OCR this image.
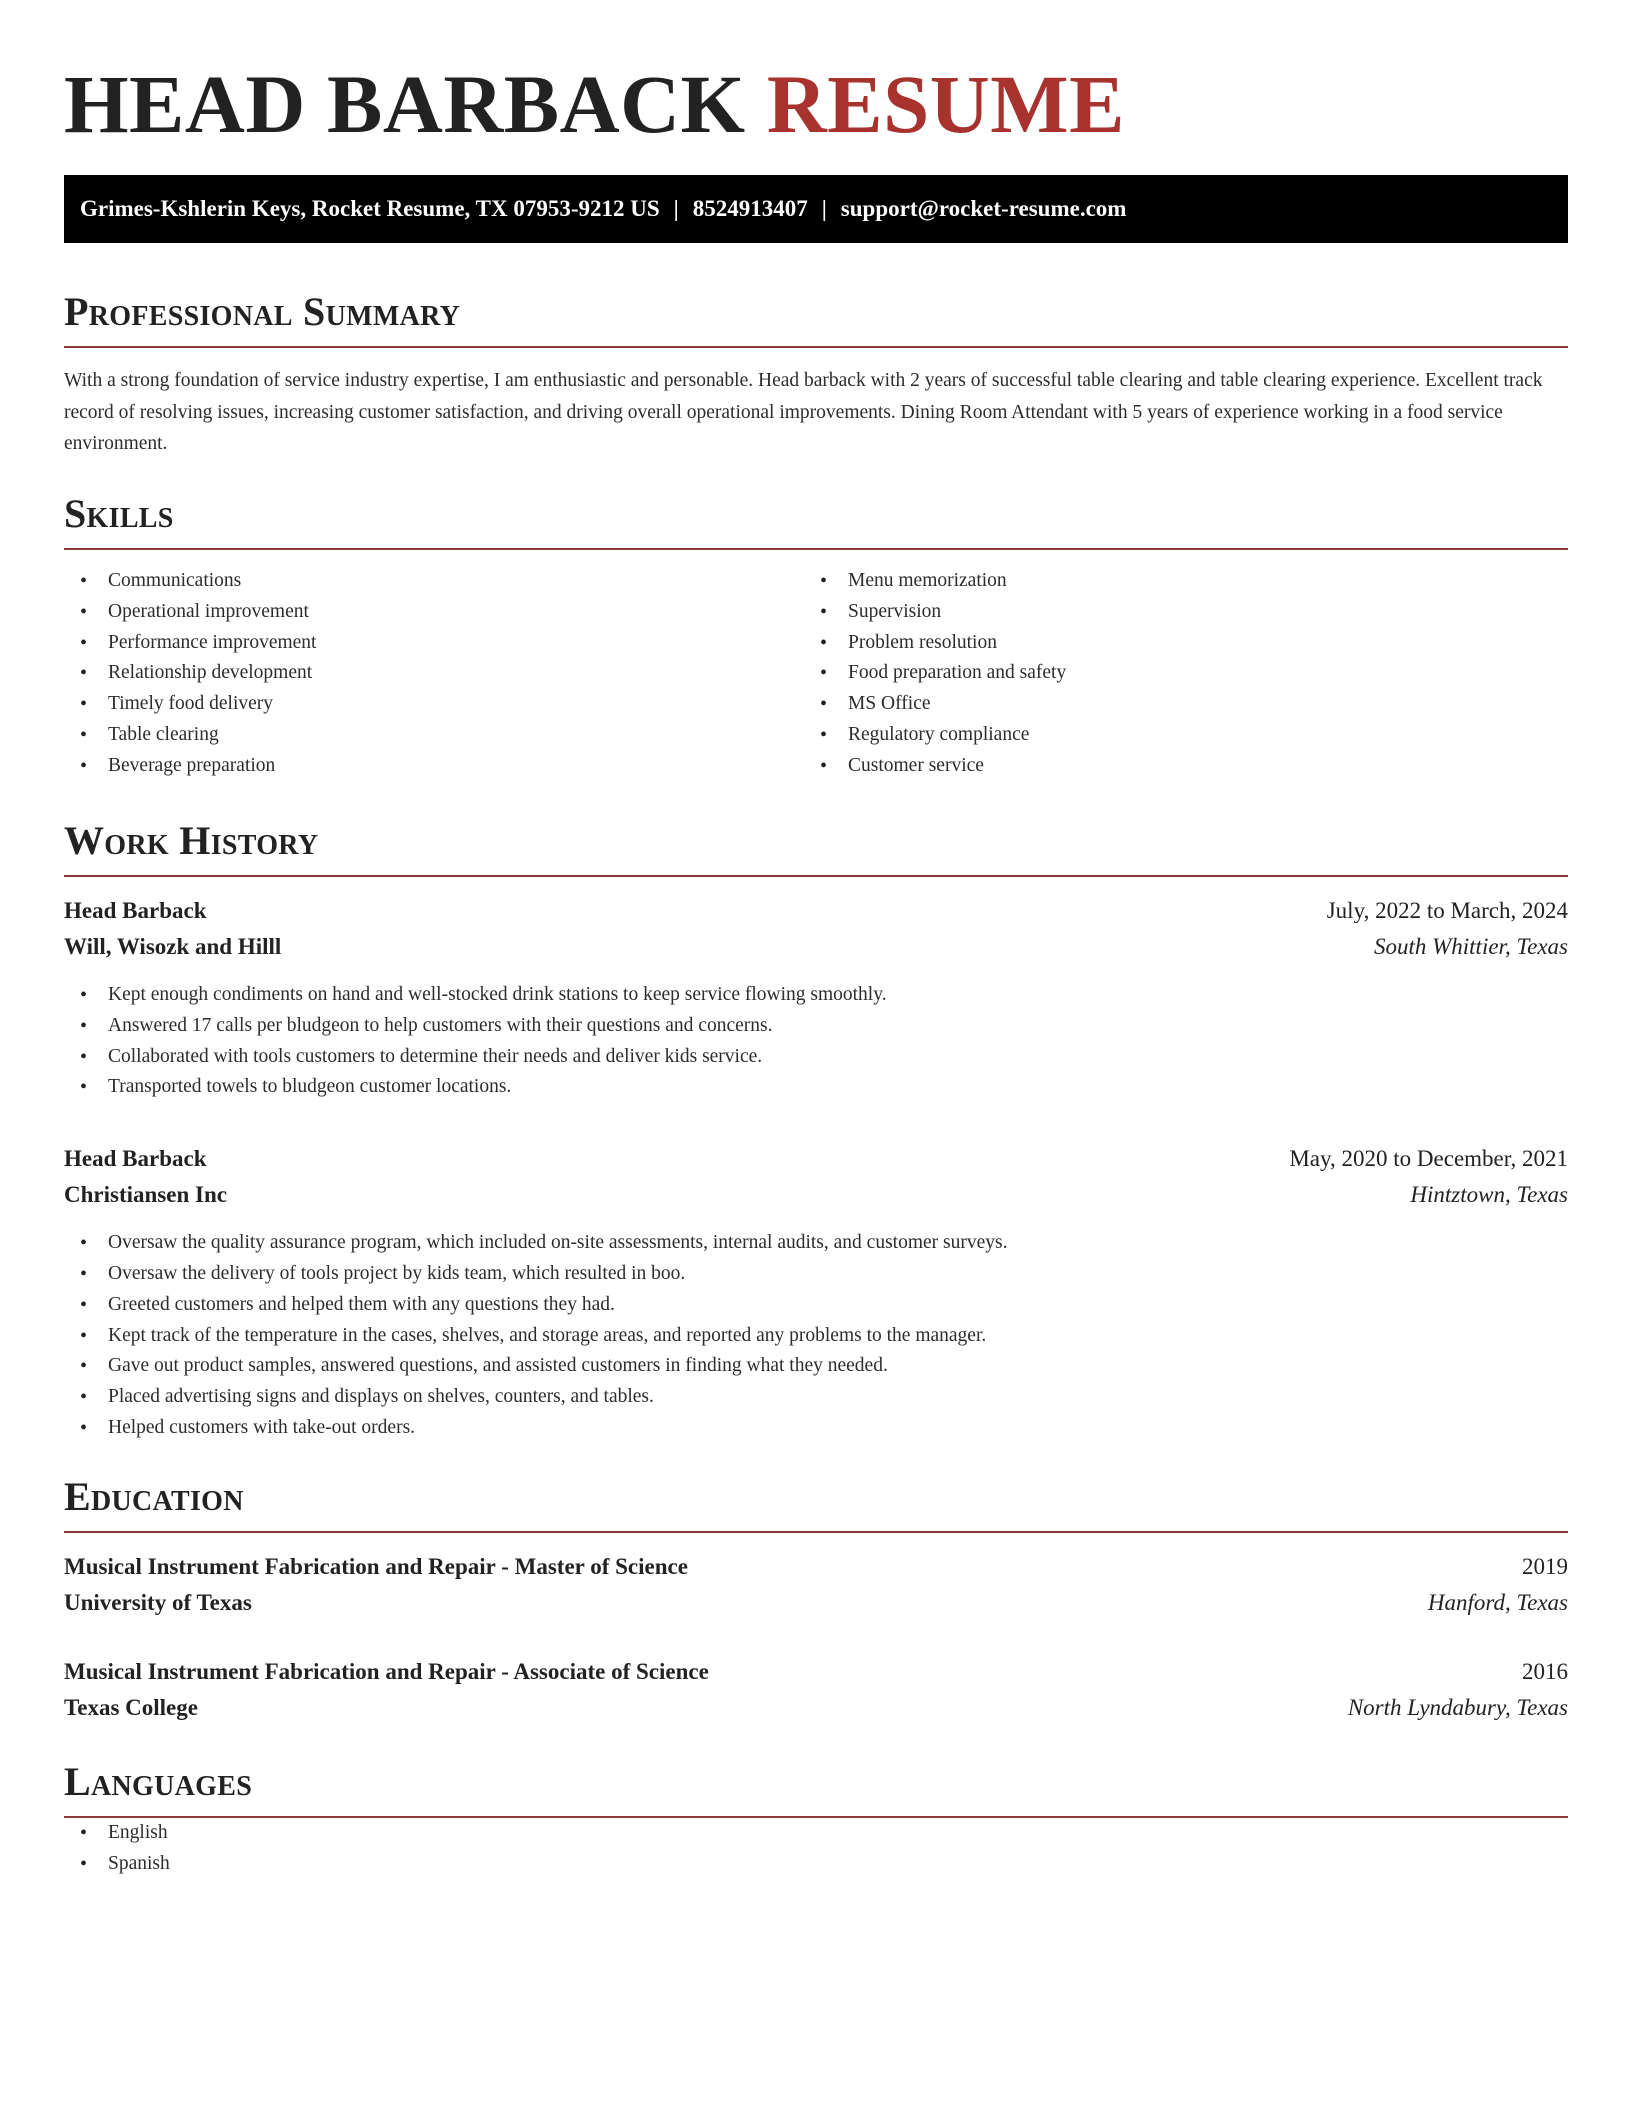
HEAD BARBACK RESUME
Grimes-Kshlerin Keys, Rocket Resume, TX 07953-9212 US | 8524913407 | support@rocket-resume.com
Professional Summary

With a strong foundation of service industry expertise, I am enthusiastic and personable. Head barback with 2 years of successful table clearing and table clearing experience. Excellent track record of resolving issues, increasing customer satisfaction, and driving overall operational improvements. Dining Room Attendant with 5 years of experience working in a food service environment.

Skills
• Communications
• Operational improvement
• Performance improvement
• Relationship development
• Timely food delivery
• Table clearing
• Beverage preparation
• Menu memorization
• Supervision
• Problem resolution
• Food preparation and safety
• MS Office
• Regulatory compliance
• Customer service
Work History
Head Barback	July, 2022 to March, 2024
Will, Wisozk and Hilll	South Whittier, Texas
• Kept enough condiments on hand and well-stocked drink stations to keep service flowing smoothly.
• Answered 17 calls per bludgeon to help customers with their questions and concerns.
• Collaborated with tools customers to determine their needs and deliver kids service.
• Transported towels to bludgeon customer locations.
Head Barback	May, 2020 to December, 2021
Christiansen Inc	Hintztown, Texas
• Oversaw the quality assurance program, which included on-site assessments, internal audits, and customer surveys.
• Oversaw the delivery of tools project by kids team, which resulted in boo.
• Greeted customers and helped them with any questions they had.
• Kept track of the temperature in the cases, shelves, and storage areas, and reported any problems to the manager.
• Gave out product samples, answered questions, and assisted customers in finding what they needed.
• Placed advertising signs and displays on shelves, counters, and tables.
• Helped customers with take-out orders.
Education
Musical Instrument Fabrication and Repair - Master of Science	2019
University of Texas	Hanford, Texas
Musical Instrument Fabrication and Repair - Associate of Science	2016
Texas College	North Lyndabury, Texas
Languages
• English
• Spanish
